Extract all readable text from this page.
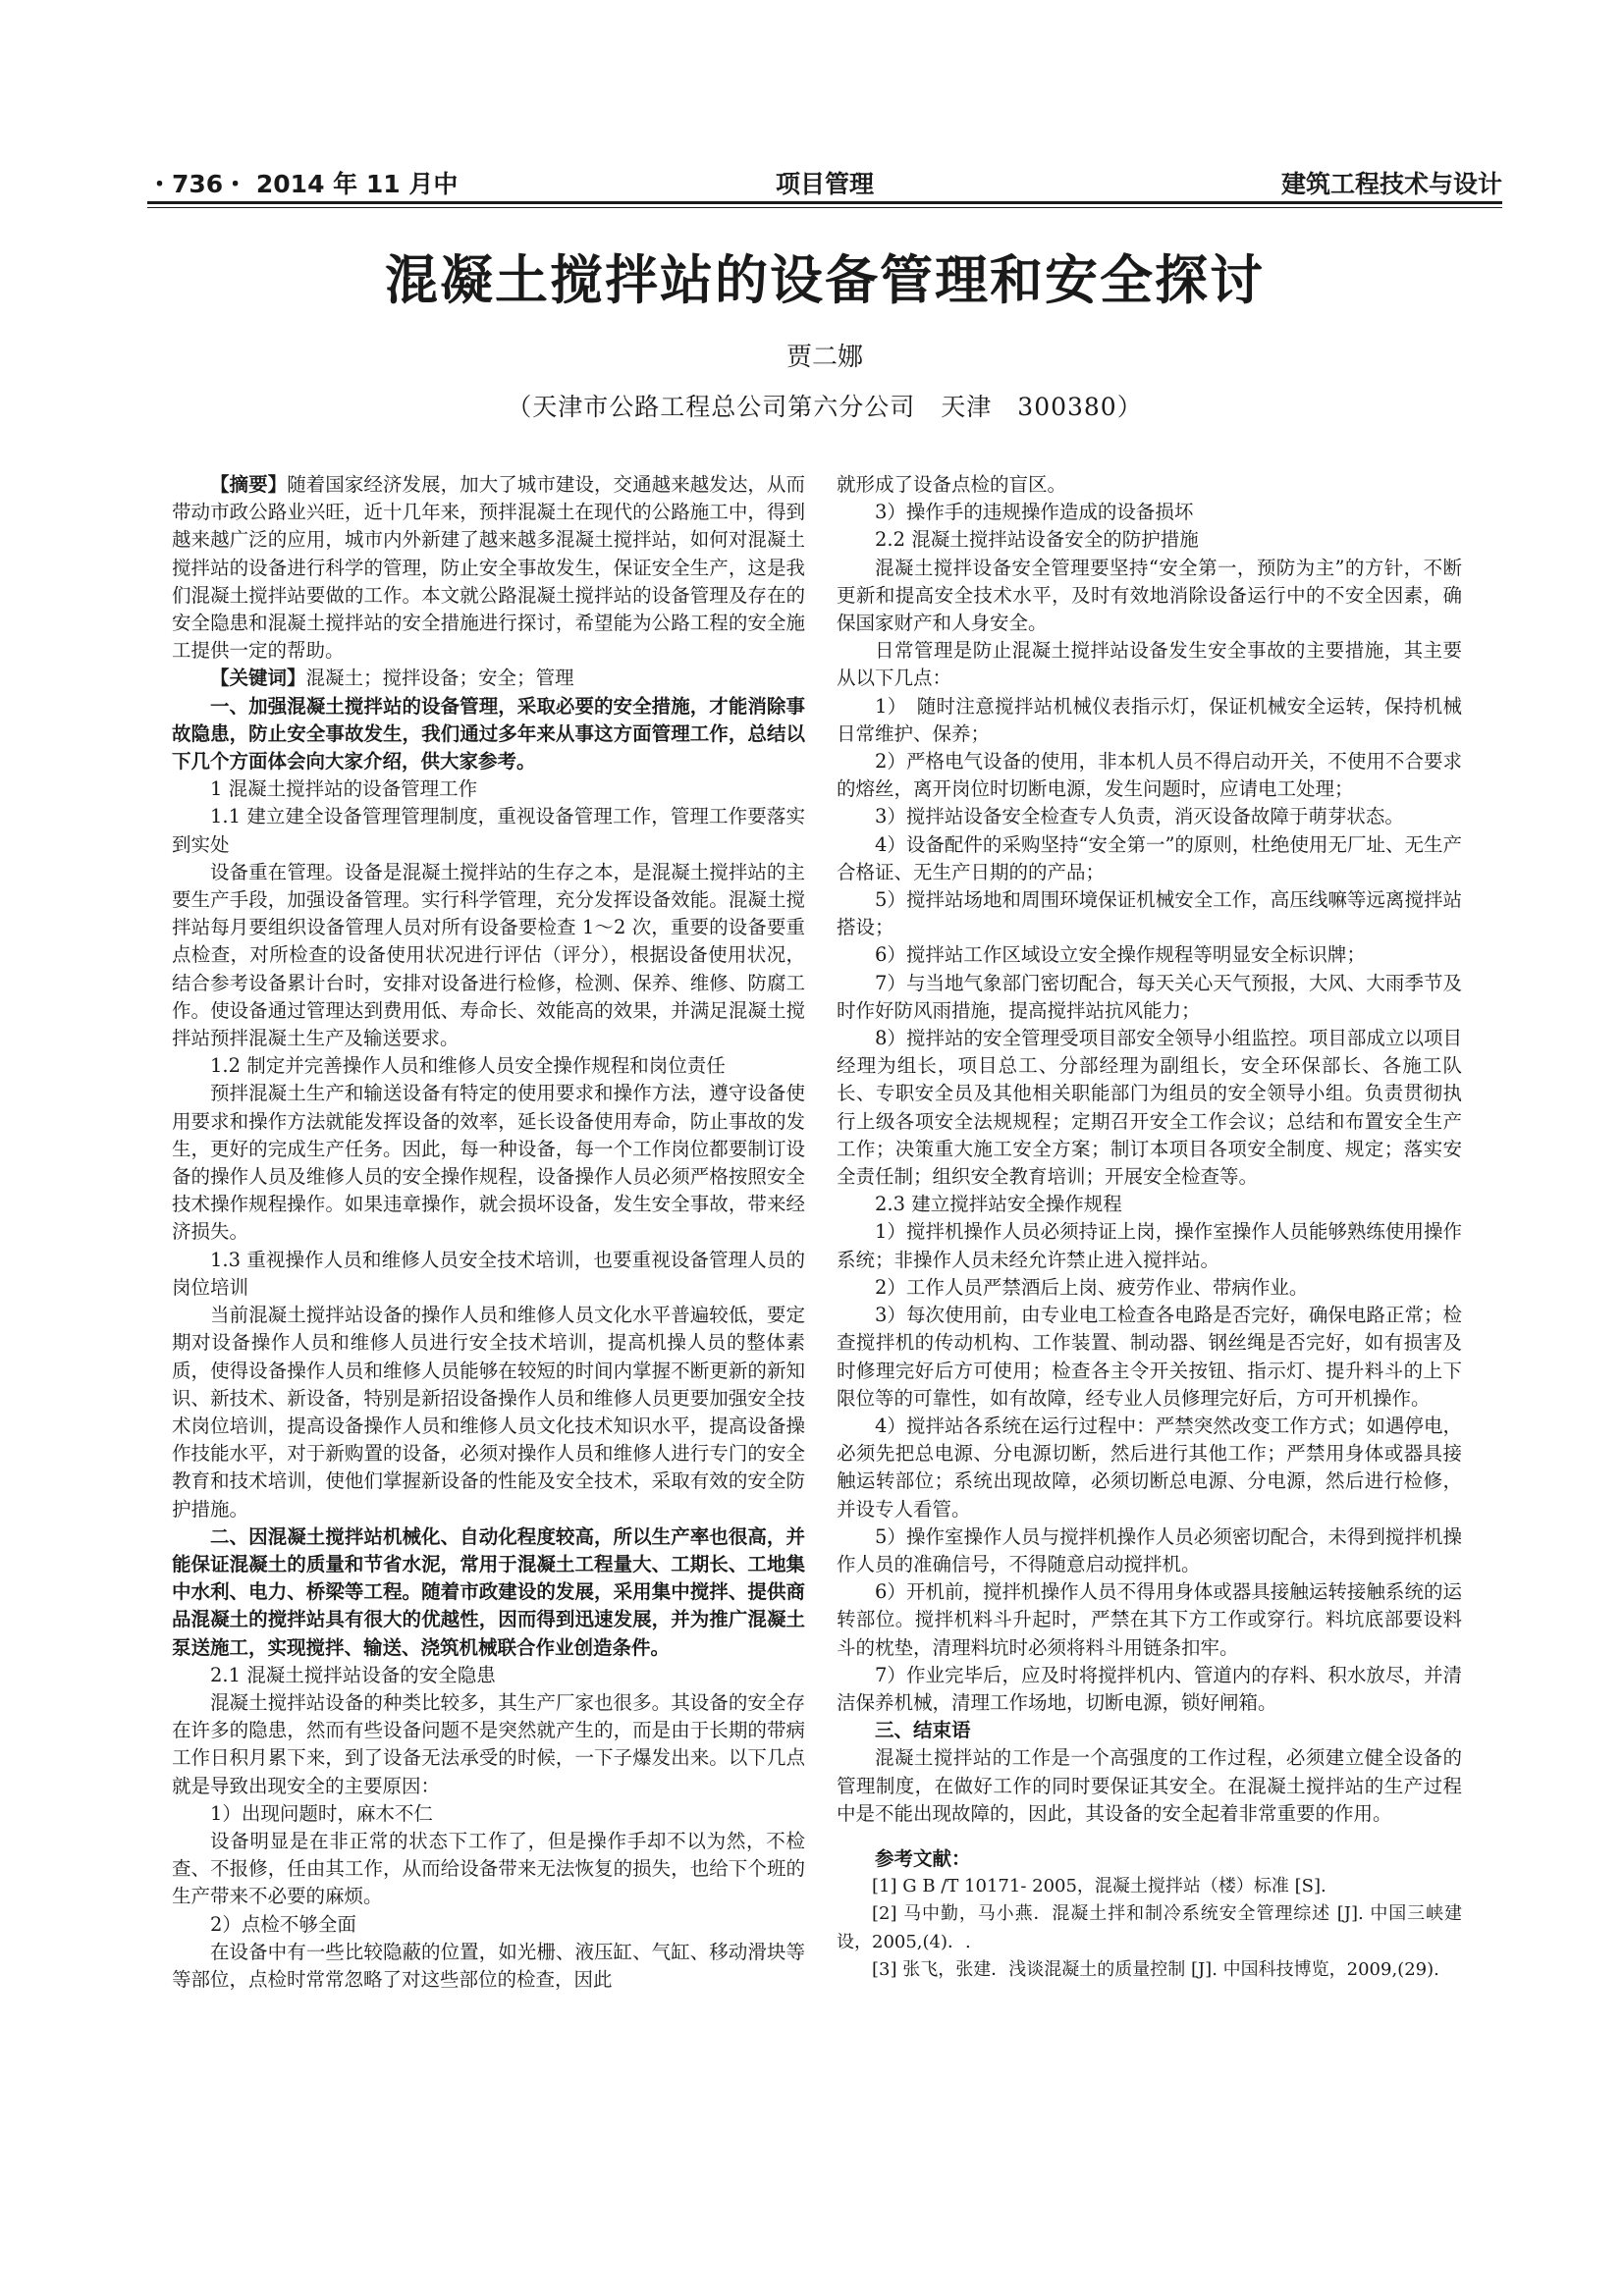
・736・ 2014 年 11 月中	项目管理	建筑工程技术与设计
混凝土搅拌站的设备管理和安全探讨
贾二娜
（天津市公路工程总公司第六分公司　天津　300380）

【摘要】随着国家经济发展，加大了城市建设，交通越来越发达，从而带动市政公路业兴旺，近十几年来，预拌混凝土在现代的公路施工中，得到越来越广泛的应用，城市内外新建了越来越多混凝土搅拌站，如何对混凝土搅拌站的设备进行科学的管理，防止安全事故发生，保证安全生产，这是我们混凝土搅拌站要做的工作。本文就公路混凝土搅拌站的设备管理及存在的安全隐患和混凝土搅拌站的安全措施进行探讨，希望能为公路工程的安全施工提供一定的帮助。

【关键词】混凝土；搅拌设备；安全；管理

一、加强混凝土搅拌站的设备管理，采取必要的安全措施，才能消除事故隐患，防止安全事故发生，我们通过多年来从事这方面管理工作，总结以下几个方面体会向大家介绍，供大家参考。

1 混凝土搅拌站的设备管理工作

1.1 建立建全设备管理管理制度，重视设备管理工作，管理工作要落实到实处

设备重在管理。设备是混凝土搅拌站的生存之本，是混凝土搅拌站的主要生产手段，加强设备管理。实行科学管理，充分发挥设备效能。混凝土搅拌站每月要组织设备管理人员对所有设备要检查 1～2 次，重要的设备要重点检查，对所检查的设备使用状况进行评估（评分），根据设备使用状况，结合参考设备累计台时，安排对设备进行检修，检测、保养、维修、防腐工作。使设备通过管理达到费用低、寿命长、效能高的效果，并满足混凝土搅拌站预拌混凝土生产及输送要求。

1.2 制定并完善操作人员和维修人员安全操作规程和岗位责任

预拌混凝土生产和输送设备有特定的使用要求和操作方法，遵守设备使用要求和操作方法就能发挥设备的效率，延长设备使用寿命，防止事故的发生，更好的完成生产任务。因此，每一种设备，每一个工作岗位都要制订设备的操作人员及维修人员的安全操作规程，设备操作人员必须严格按照安全技术操作规程操作。如果违章操作，就会损坏设备，发生安全事故，带来经济损失。

1.3 重视操作人员和维修人员安全技术培训，也要重视设备管理人员的岗位培训

当前混凝土搅拌站设备的操作人员和维修人员文化水平普遍较低，要定期对设备操作人员和维修人员进行安全技术培训，提高机操人员的整体素质，使得设备操作人员和维修人员能够在较短的时间内掌握不断更新的新知识、新技术、新设备，特别是新招设备操作人员和维修人员更要加强安全技术岗位培训，提高设备操作人员和维修人员文化技术知识水平，提高设备操作技能水平，对于新购置的设备，必须对操作人员和维修人进行专门的安全教育和技术培训，使他们掌握新设备的性能及安全技术，采取有效的安全防护措施。

二、因混凝土搅拌站机械化、自动化程度较高，所以生产率也很高，并能保证混凝土的质量和节省水泥，常用于混凝土工程量大、工期长、工地集中水利、电力、桥梁等工程。随着市政建设的发展，采用集中搅拌、提供商品混凝土的搅拌站具有很大的优越性，因而得到迅速发展，并为推广混凝土泵送施工，实现搅拌、输送、浇筑机械联合作业创造条件。

2.1 混凝土搅拌站设备的安全隐患

混凝土搅拌站设备的种类比较多，其生产厂家也很多。其设备的安全存在许多的隐患，然而有些设备问题不是突然就产生的，而是由于长期的带病工作日积月累下来，到了设备无法承受的时候，一下子爆发出来。以下几点就是导致出现安全的主要原因：

1）出现问题时，麻木不仁

设备明显是在非正常的状态下工作了，但是操作手却不以为然，不检查、不报修，任由其工作，从而给设备带来无法恢复的损失，也给下个班的生产带来不必要的麻烦。

2）点检不够全面

在设备中有一些比较隐蔽的位置，如光栅、液压缸、气缸、移动滑块等等部位，点检时常常忽略了对这些部位的检查，因此

就形成了设备点检的盲区。

3）操作手的违规操作造成的设备损坏

2.2 混凝土搅拌站设备安全的防护措施

混凝土搅拌设备安全管理要坚持“安全第一，预防为主”的方针，不断更新和提高安全技术水平，及时有效地消除设备运行中的不安全因素，确保国家财产和人身安全。

日常管理是防止混凝土搅拌站设备发生安全事故的主要措施，其主要从以下几点：

1）　随时注意搅拌站机械仪表指示灯，保证机械安全运转，保持机械日常维护、保养；

2）严格电气设备的使用，非本机人员不得启动开关，不使用不合要求的熔丝，离开岗位时切断电源，发生问题时，应请电工处理；

3）搅拌站设备安全检查专人负责，消灭设备故障于萌芽状态。

4）设备配件的采购坚持“安全第一”的原则，杜绝使用无厂址、无生产合格证、无生产日期的的产品；

5）搅拌站场地和周围环境保证机械安全工作，高压线嘛等远离搅拌站搭设；

6）搅拌站工作区域设立安全操作规程等明显安全标识牌；

7）与当地气象部门密切配合，每天关心天气预报，大风、大雨季节及时作好防风雨措施，提高搅拌站抗风能力；

8）搅拌站的安全管理受项目部安全领导小组监控。项目部成立以项目经理为组长，项目总工、分部经理为副组长，安全环保部长、各施工队长、专职安全员及其他相关职能部门为组员的安全领导小组。负责贯彻执行上级各项安全法规规程；定期召开安全工作会议；总结和布置安全生产工作；决策重大施工安全方案；制订本项目各项安全制度、规定；落实安全责任制；组织安全教育培训；开展安全检查等。

2.3 建立搅拌站安全操作规程

1）搅拌机操作人员必须持证上岗，操作室操作人员能够熟练使用操作系统；非操作人员未经允许禁止进入搅拌站。

2）工作人员严禁酒后上岗、疲劳作业、带病作业。

3）每次使用前，由专业电工检查各电路是否完好，确保电路正常；检查搅拌机的传动机构、工作装置、制动器、钢丝绳是否完好，如有损害及时修理完好后方可使用；检查各主令开关按钮、指示灯、提升料斗的上下限位等的可靠性，如有故障，经专业人员修理完好后，方可开机操作。

4）搅拌站各系统在运行过程中：严禁突然改变工作方式；如遇停电，必须先把总电源、分电源切断，然后进行其他工作；严禁用身体或器具接触运转部位；系统出现故障，必须切断总电源、分电源，然后进行检修，并设专人看管。

5）操作室操作人员与搅拌机操作人员必须密切配合，未得到搅拌机操作人员的准确信号，不得随意启动搅拌机。

6）开机前，搅拌机操作人员不得用身体或器具接触运转接触系统的运转部位。搅拌机料斗升起时，严禁在其下方工作或穿行。料坑底部要设料斗的枕垫，清理料坑时必须将料斗用链条扣牢。

7）作业完毕后，应及时将搅拌机内、管道内的存料、积水放尽，并清洁保养机械，清理工作场地，切断电源，锁好闸箱。

三、结束语

混凝土搅拌站的工作是一个高强度的工作过程，必须建立健全设备的管理制度，在做好工作的同时要保证其安全。在混凝土搅拌站的生产过程中是不能出现故障的，因此，其设备的安全起着非常重要的作用。

参考文献：

[1] G B /T 10171- 2005，混凝土搅拌站（楼）标准 [S].

[2] 马中勤，马小燕．混凝土拌和制冷系统安全管理综述 [J]. 中国三峡建设，2005,(4)．.

[3] 张飞，张建．浅谈混凝土的质量控制 [J]. 中国科技博览，2009,(29).
